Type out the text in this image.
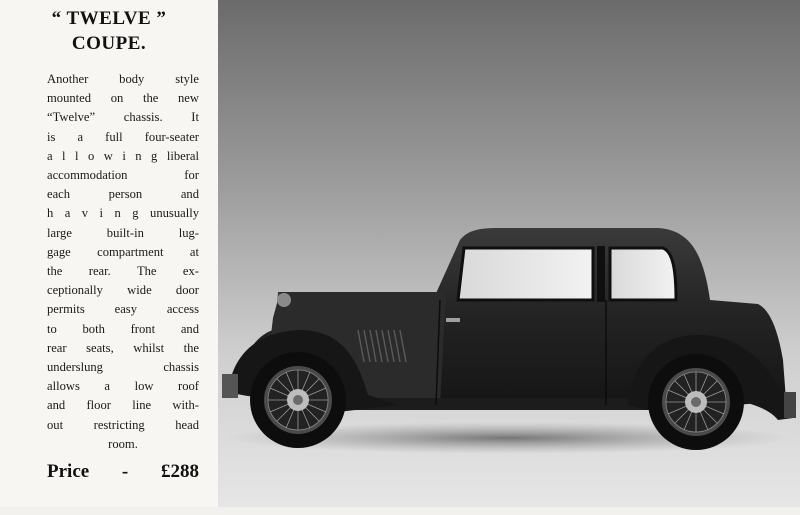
“ TWELVE ”
COUPE.
Another body style
mounted on the new
“Twelve” chassis. It
is a full four-seater
a l l o w i n g liberal
accommodation for
each person and
h a v i n g unusually
large built-in lug-
gage compartment at
the rear. The ex-
ceptionally wide door
permits easy access
to both front and
rear seats, whilst the
underslung chassis
allows a low roof
and floor line with-
out restricting head
room.
Price - £288
